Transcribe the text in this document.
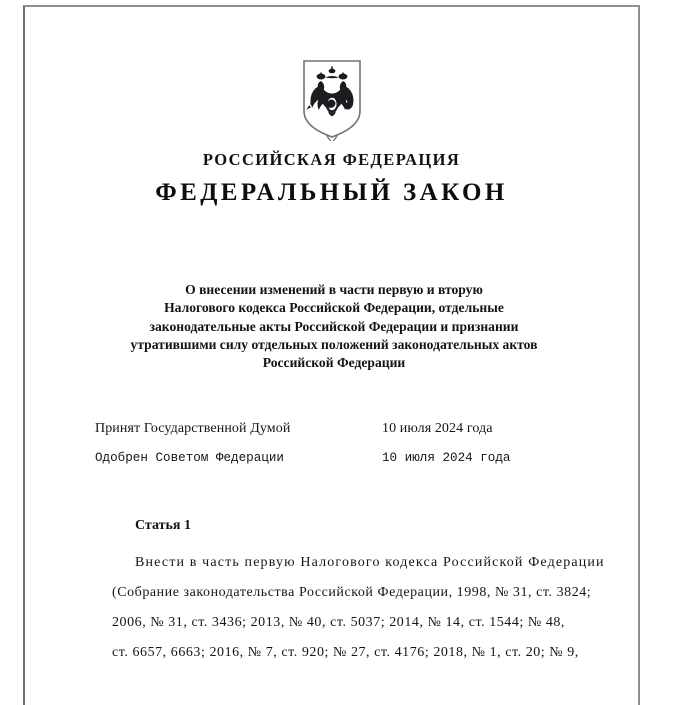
РОССИЙСКАЯ ФЕДЕРАЦИЯ
ФЕДЕРАЛЬНЫЙ ЗАКОН
О внесении изменений в части первую и вторую
Налогового кодекса Российской Федерации, отдельные
законодательные акты Российской Федерации и признании
утратившими силу отдельных положений законодательных актов
Российской Федерации
Принят Государственной Думой	10 июля 2024 года
Одобрен Советом Федерации	10 июля 2024 года
Статья 1
Внести в часть первую Налогового кодекса Российской Федерации
(Собрание законодательства Российской Федерации, 1998, № 31, ст. 3824;
2006, № 31, ст. 3436; 2013, № 40, ст. 5037; 2014, № 14, ст. 1544; № 48,
ст. 6657, 6663; 2016, № 7, ст. 920; № 27, ст. 4176; 2018, № 1, ст. 20; № 9,
